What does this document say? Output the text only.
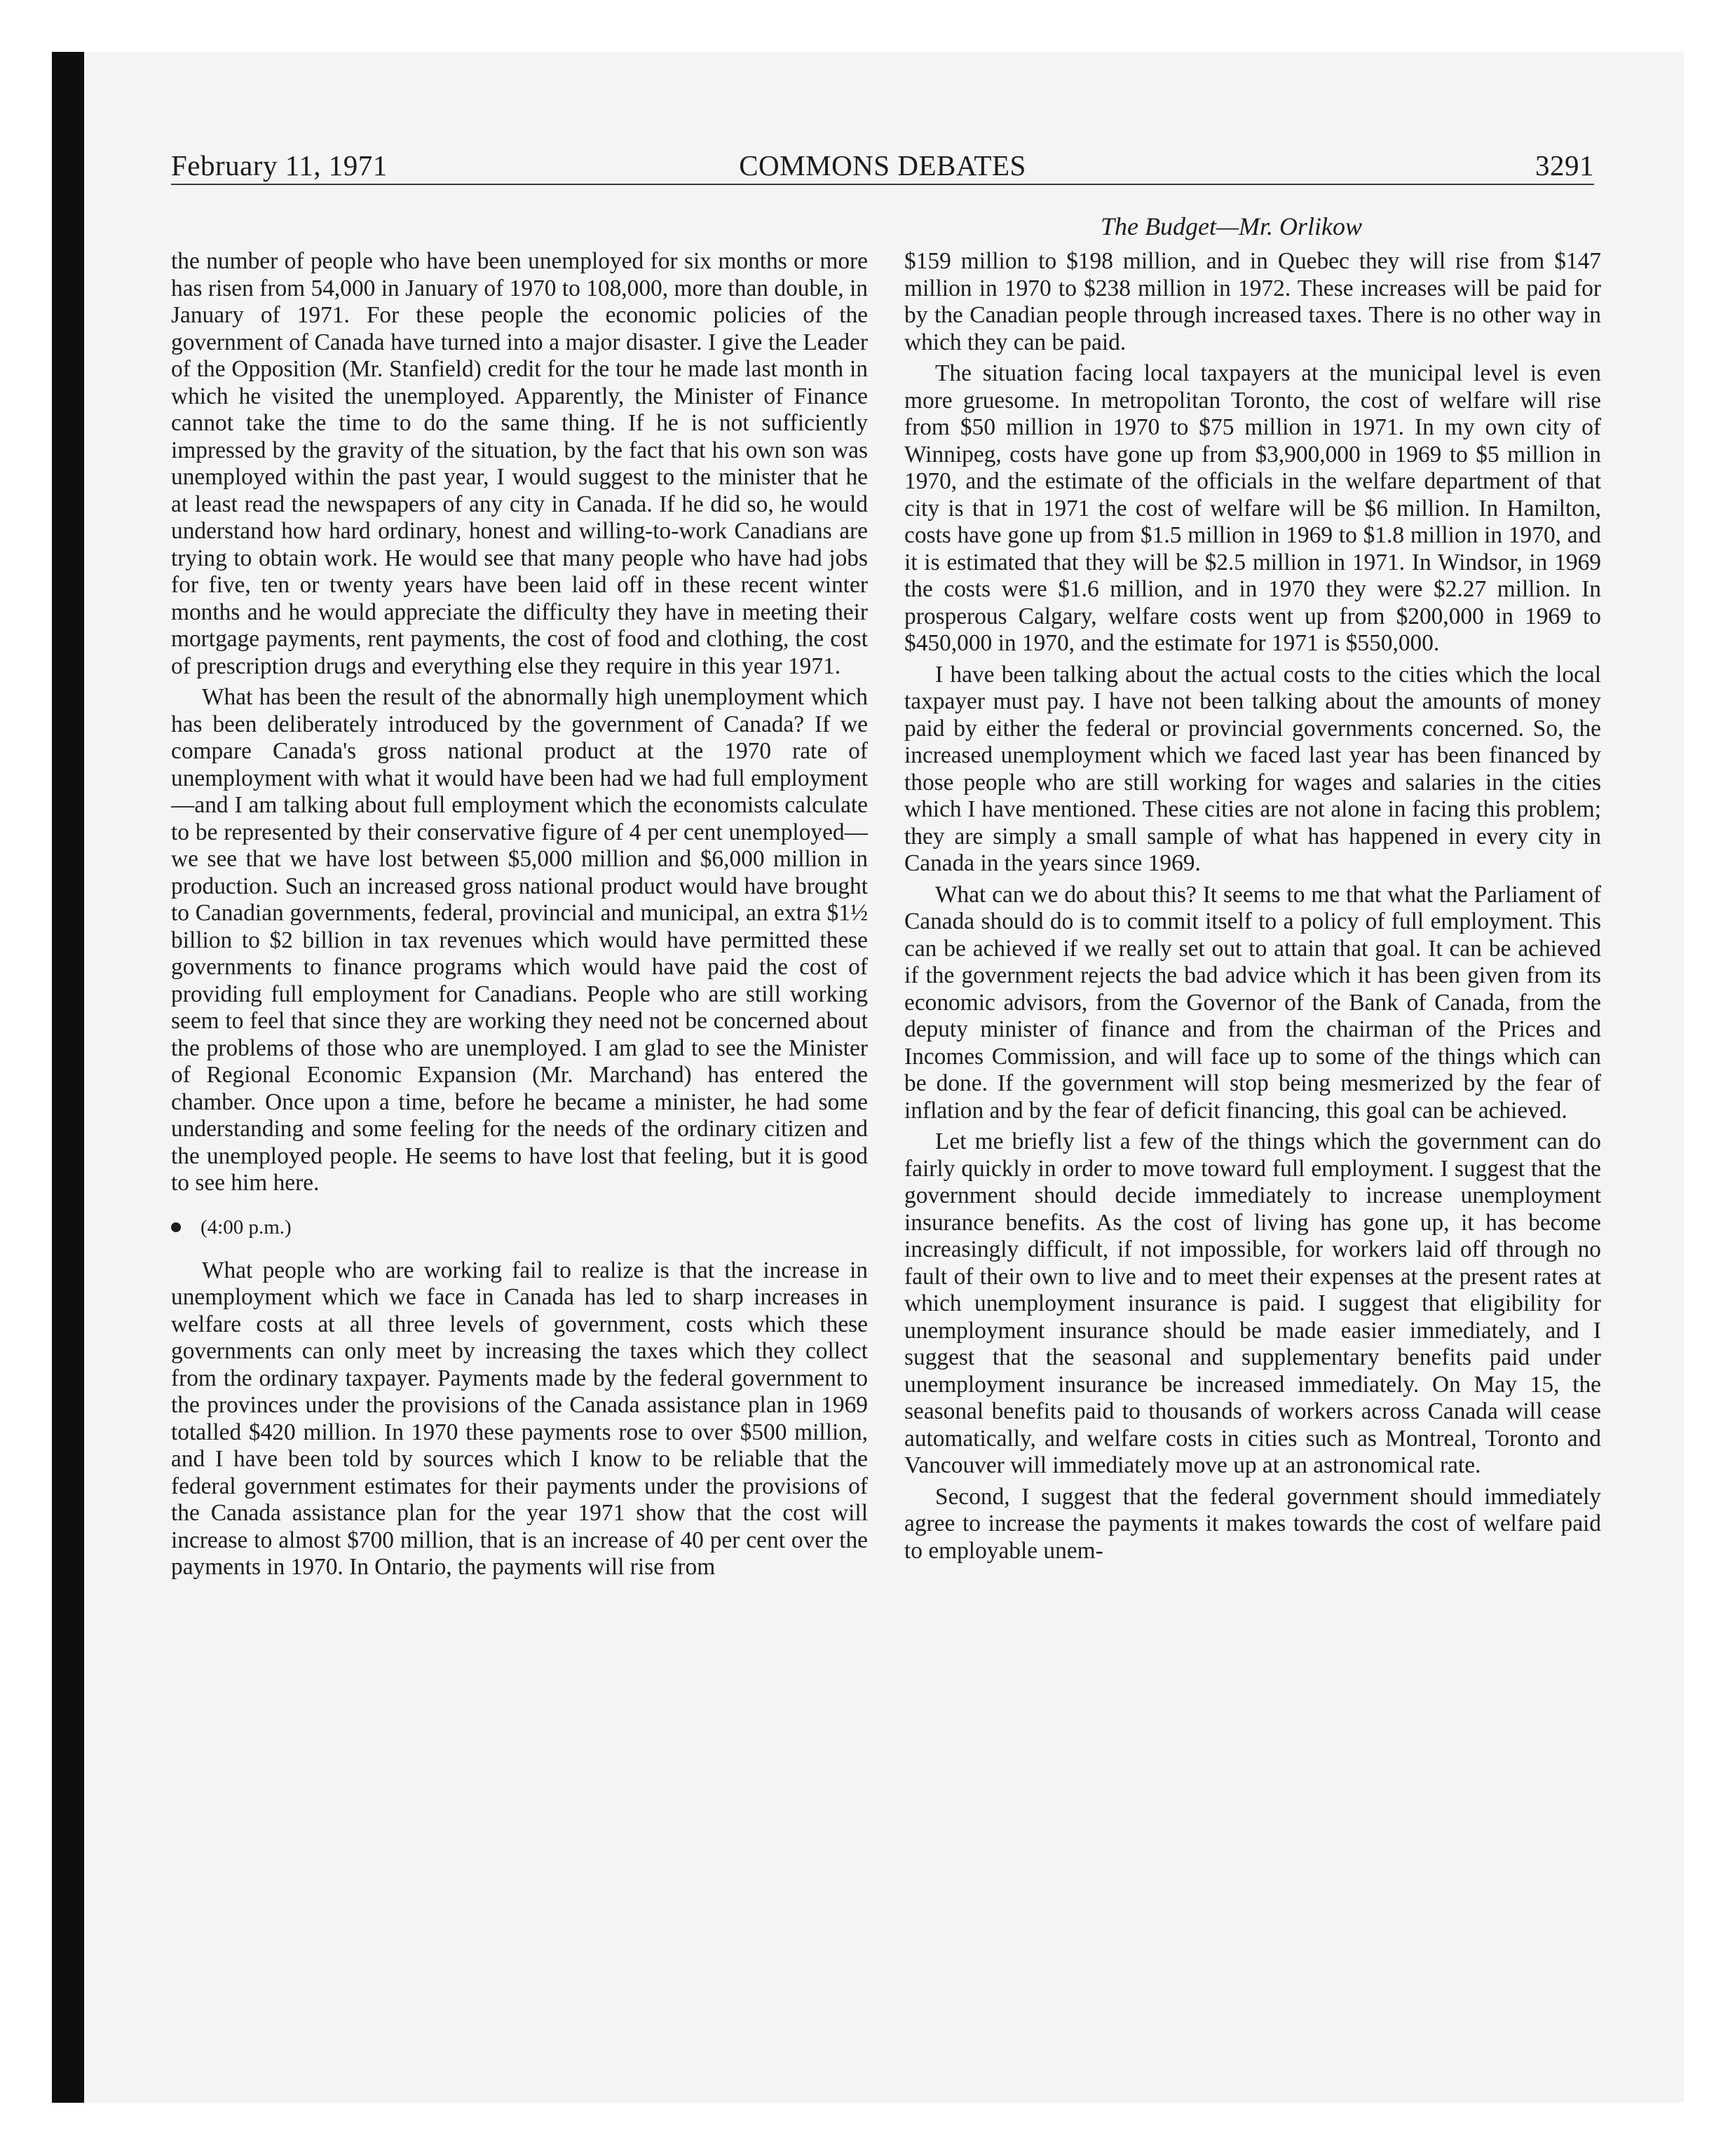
February 11, 1971	COMMONS DEBATES	3291
The Budget—Mr. Orlikow

the number of people who have been unemployed for six months or more has risen from 54,000 in January of 1970 to 108,000, more than double, in January of 1971. For these people the economic policies of the government of Canada have turned into a major disaster. I give the Leader of the Opposition (Mr. Stanfield) credit for the tour he made last month in which he visited the unemployed. Apparently, the Minister of Finance cannot take the time to do the same thing. If he is not sufficiently impressed by the gravity of the situation, by the fact that his own son was unemployed within the past year, I would suggest to the minister that he at least read the newspapers of any city in Canada. If he did so, he would understand how hard ordinary, honest and willing-to-work Canadians are trying to obtain work. He would see that many people who have had jobs for five, ten or twenty years have been laid off in these recent winter months and he would appreciate the difficulty they have in meeting their mortgage payments, rent payments, the cost of food and clothing, the cost of prescription drugs and everything else they require in this year 1971.

What has been the result of the abnormally high unemployment which has been deliberately introduced by the government of Canada? If we compare Canada's gross national product at the 1970 rate of unemployment with what it would have been had we had full employment—and I am talking about full employment which the economists calculate to be represented by their conservative figure of 4 per cent unemployed—we see that we have lost between $5,000 million and $6,000 million in production. Such an increased gross national product would have brought to Canadian governments, federal, provincial and municipal, an extra $1½ billion to $2 billion in tax revenues which would have permitted these governments to finance programs which would have paid the cost of providing full employment for Canadians. People who are still working seem to feel that since they are working they need not be concerned about the problems of those who are unemployed. I am glad to see the Minister of Regional Economic Expansion (Mr. Marchand) has entered the chamber. Once upon a time, before he became a minister, he had some understanding and some feeling for the needs of the ordinary citizen and the unemployed people. He seems to have lost that feeling, but it is good to see him here.

(4:00 p.m.)

What people who are working fail to realize is that the increase in unemployment which we face in Canada has led to sharp increases in welfare costs at all three levels of government, costs which these governments can only meet by increasing the taxes which they collect from the ordinary taxpayer. Payments made by the federal government to the provinces under the provisions of the Canada assistance plan in 1969 totalled $420 million. In 1970 these payments rose to over $500 million, and I have been told by sources which I know to be reliable that the federal government estimates for their payments under the provisions of the Canada assistance plan for the year 1971 show that the cost will increase to almost $700 million, that is an increase of 40 per cent over the payments in 1970. In Ontario, the payments will rise from

$159 million to $198 million, and in Quebec they will rise from $147 million in 1970 to $238 million in 1972. These increases will be paid for by the Canadian people through increased taxes. There is no other way in which they can be paid.

The situation facing local taxpayers at the municipal level is even more gruesome. In metropolitan Toronto, the cost of welfare will rise from $50 million in 1970 to $75 million in 1971. In my own city of Winnipeg, costs have gone up from $3,900,000 in 1969 to $5 million in 1970, and the estimate of the officials in the welfare department of that city is that in 1971 the cost of welfare will be $6 million. In Hamilton, costs have gone up from $1.5 million in 1969 to $1.8 million in 1970, and it is estimated that they will be $2.5 million in 1971. In Windsor, in 1969 the costs were $1.6 million, and in 1970 they were $2.27 million. In prosperous Calgary, welfare costs went up from $200,000 in 1969 to $450,000 in 1970, and the estimate for 1971 is $550,000.

I have been talking about the actual costs to the cities which the local taxpayer must pay. I have not been talking about the amounts of money paid by either the federal or provincial governments concerned. So, the increased unemployment which we faced last year has been financed by those people who are still working for wages and salaries in the cities which I have mentioned. These cities are not alone in facing this problem; they are simply a small sample of what has happened in every city in Canada in the years since 1969.

What can we do about this? It seems to me that what the Parliament of Canada should do is to commit itself to a policy of full employment. This can be achieved if we really set out to attain that goal. It can be achieved if the government rejects the bad advice which it has been given from its economic advisors, from the Governor of the Bank of Canada, from the deputy minister of finance and from the chairman of the Prices and Incomes Commission, and will face up to some of the things which can be done. If the government will stop being mesmerized by the fear of inflation and by the fear of deficit financing, this goal can be achieved.

Let me briefly list a few of the things which the government can do fairly quickly in order to move toward full employment. I suggest that the government should decide immediately to increase unemployment insurance benefits. As the cost of living has gone up, it has become increasingly difficult, if not impossible, for workers laid off through no fault of their own to live and to meet their expenses at the present rates at which unemployment insurance is paid. I suggest that eligibility for unemployment insurance should be made easier immediately, and I suggest that the seasonal and supplementary benefits paid under unemployment insurance be increased immediately. On May 15, the seasonal benefits paid to thousands of workers across Canada will cease automatically, and welfare costs in cities such as Montreal, Toronto and Vancouver will immediately move up at an astronomical rate.

Second, I suggest that the federal government should immediately agree to increase the payments it makes towards the cost of welfare paid to employable unem-
